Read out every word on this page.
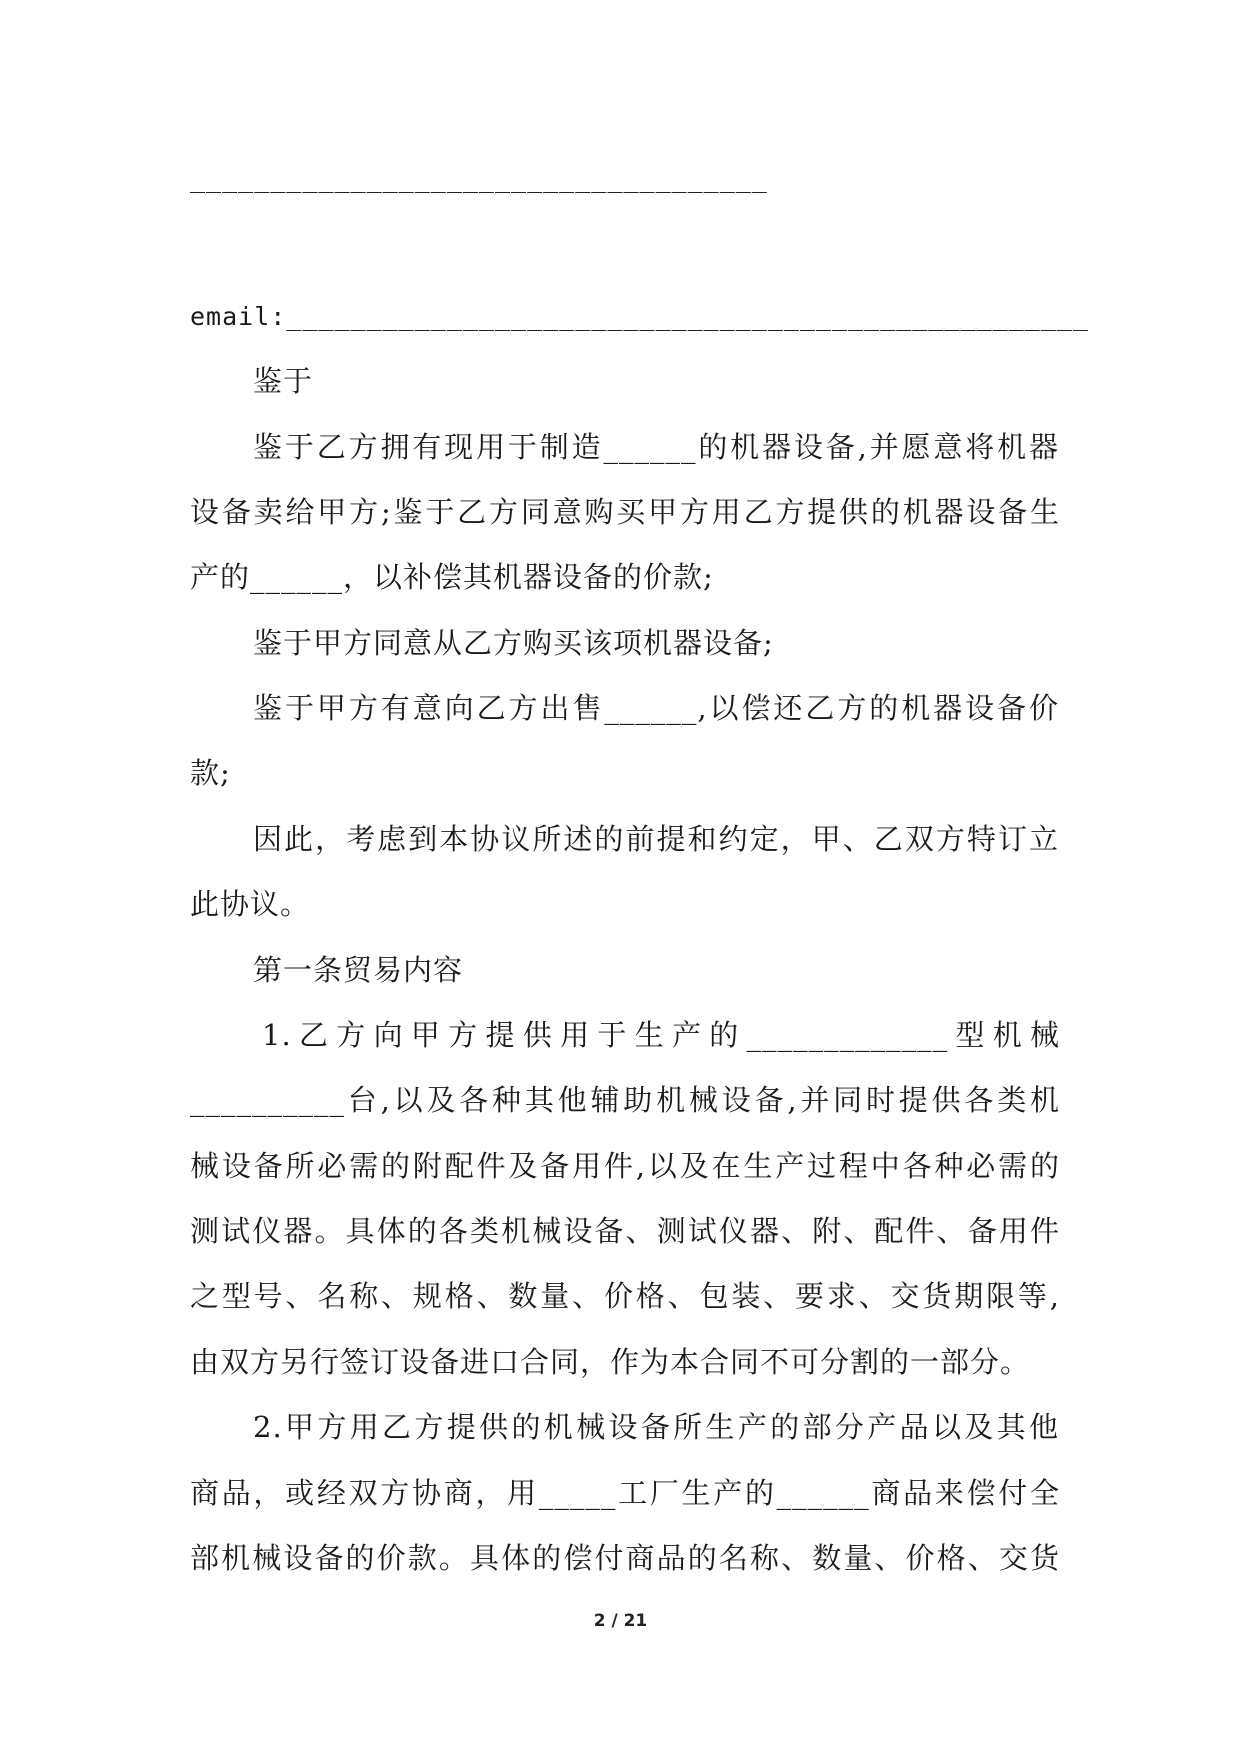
____________________________________
email:__________________________________________________
鉴于
鉴于乙方拥有现用于制造______的机器设备,并愿意将机器
设备卖给甲方;鉴于乙方同意购买甲方用乙方提供的机器设备生
产的______，以补偿其机器设备的价款;
鉴于甲方同意从乙方购买该项机器设备;
鉴于甲方有意向乙方出售______,以偿还乙方的机器设备价
款;
因此，考虑到本协议所述的前提和约定，甲、乙双方特订立
此协议。
第一条贸易内容
1.乙方向甲方提供用于生产的_____________型机械
__________台,以及各种其他辅助机械设备,并同时提供各类机
械设备所必需的附配件及备用件,以及在生产过程中各种必需的
测试仪器。具体的各类机械设备、测试仪器、附、配件、备用件
之型号、名称、规格、数量、价格、包装、要求、交货期限等,
由双方另行签订设备进口合同，作为本合同不可分割的一部分。
2.甲方用乙方提供的机械设备所生产的部分产品以及其他
商品，或经双方协商，用_____工厂生产的______商品来偿付全
部机械设备的价款。具体的偿付商品的名称、数量、价格、交货
2 / 21
